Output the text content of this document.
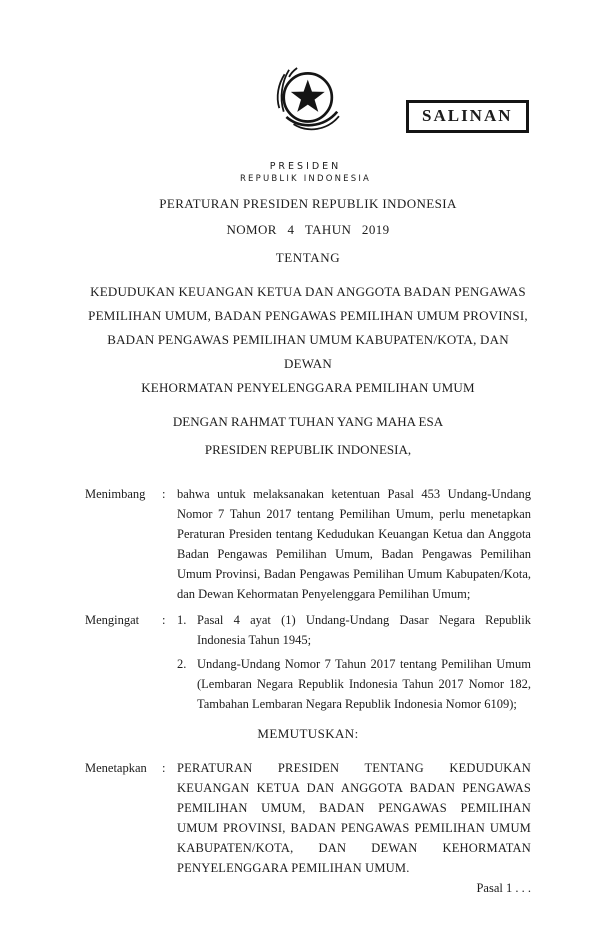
SALINAN
PRESIDEN
REPUBLIK INDONESIA
PERATURAN PRESIDEN REPUBLIK INDONESIA
NOMOR 4 TAHUN 2019
TENTANG
KEDUDUKAN KEUANGAN KETUA DAN ANGGOTA BADAN PENGAWAS
PEMILIHAN UMUM, BADAN PENGAWAS PEMILIHAN UMUM PROVINSI,
BADAN PENGAWAS PEMILIHAN UMUM KABUPATEN/KOTA, DAN DEWAN
KEHORMATAN PENYELENGGARA PEMILIHAN UMUM
DENGAN RAHMAT TUHAN YANG MAHA ESA
PRESIDEN REPUBLIK INDONESIA,
Menimbang	: bahwa untuk melaksanakan ketentuan Pasal 453 Undang-Undang Nomor 7 Tahun 2017 tentang Pemilihan Umum, perlu menetapkan Peraturan Presiden tentang Kedudukan Keuangan Ketua dan Anggota Badan Pengawas Pemilihan Umum, Badan Pengawas Pemilihan Umum Provinsi, Badan Pengawas Pemilihan Umum Kabupaten/Kota, dan Dewan Kehormatan Penyelenggara Pemilihan Umum;
Mengingat	: 1. Pasal 4 ayat (1) Undang-Undang Dasar Negara Republik Indonesia Tahun 1945;
2. Undang-Undang Nomor 7 Tahun 2017 tentang Pemilihan Umum (Lembaran Negara Republik Indonesia Tahun 2017 Nomor 182, Tambahan Lembaran Negara Republik Indonesia Nomor 6109);
MEMUTUSKAN:
Menetapkan	: PERATURAN PRESIDEN TENTANG KEDUDUKAN KEUANGAN KETUA DAN ANGGOTA BADAN PENGAWAS PEMILIHAN UMUM, BADAN PENGAWAS PEMILIHAN UMUM PROVINSI, BADAN PENGAWAS PEMILIHAN UMUM KABUPATEN/KOTA, DAN DEWAN KEHORMATAN PENYELENGGARA PEMILIHAN UMUM.
Pasal 1 . . .
